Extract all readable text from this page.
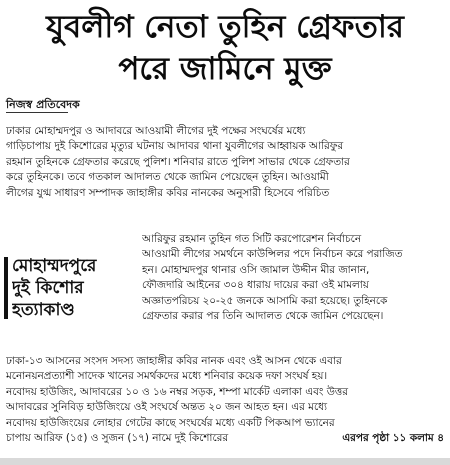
যুবলীগ নেতা তুহিন গ্রেফতার
পরে জামিনে মুক্ত
নিজস্ব প্রতিবেদক
ঢাকার মোহাম্মদপুর ও আদাবরে আওয়ামী লীগের দুই পক্ষের সংঘর্ষের মধ্যে
গাড়িচাপায় দুই কিশোরের মৃত্যুর ঘটনায় আদাবর থানা যুবলীগের আহ্বায়ক আরিফুর
রহমান তুহিনকে গ্রেফতার করেছে পুলিশ। শনিবার রাতে পুলিশ সাভার থেকে গ্রেফতার
করে তুহিনকে। তবে গতকাল আদালত থেকে জামিন পেয়েছেন তুহিন। আওয়ামী
লীগের যুগ্ম সাধারণ সম্পাদক জাহাঙ্গীর কবির নানকের অনুসারী হিসেবে পরিচিত
মোহাম্মদপুরে
দুই কিশোর
হত্যাকাণ্ড
আরিফুর রহমান তুহিন গত সিটি করপোরেশন নির্বাচনে
আওয়ামী লীগের সমর্থনে কাউন্সিলর পদে নির্বাচন করে পরাজিত
হন। মোহাম্মদপুর থানার ওসি জামাল উদ্দীন মীর জানান,
ফৌজদারি আইনের ৩০৪ ধারায় দায়ের করা ওই মামলায়
অজ্ঞাতপরিচয় ২০-২৫ জনকে আসামি করা হয়েছে। তুহিনকে
গ্রেফতার করার পর তিনি আদালত থেকে জামিন পেয়েছেন।
ঢাকা-১৩ আসনের সংসদ সদস্য জাহাঙ্গীর কবির নানক এবং ওই আসন থেকে এবার
মনোনয়নপ্রত্যাশী সাদেক খানের সমর্থকদের মধ্যে শনিবার কয়েক দফা সংঘর্ষ হয়।
নবোদয় হাউজিং, আদাবরের ১০ ও ১৬ নম্বর সড়ক, শম্পা মার্কেট এলাকা এবং উত্তর
আদাবরের সুনিবিড় হাউজিংয়ে ওই সংঘর্ষে অন্তত ২০ জন আহত হন। এর মধ্যে
নবোদয় হাউজিংয়ের লোহার গেটের কাছে সংঘর্ষের মধ্যে একটি পিকআপ ভ্যানের
চাপায় আরিফ (১৫) ও সুজন (১৭) নামে দুই কিশোরের	এরপর পৃষ্ঠা ১১ কলাম ৪
